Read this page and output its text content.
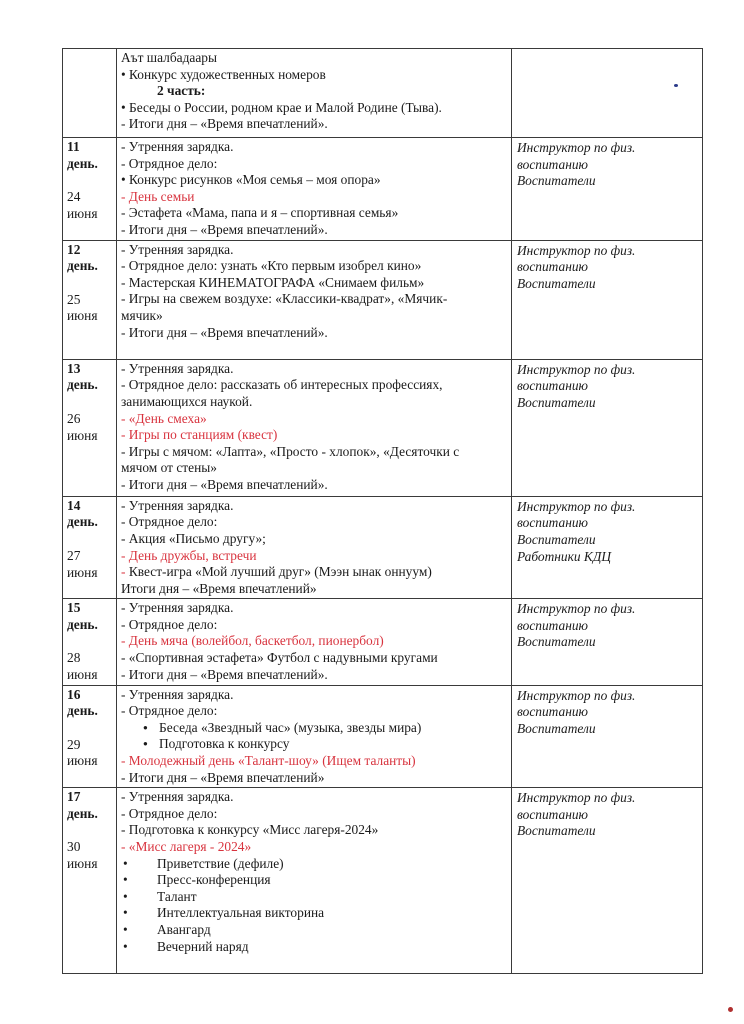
	Аът шалбадаары
• Конкурс художественных номеров
2 часть:
• Беседы о России, родном крае и Малой Родине (Тыва).
- Итоги дня – «Время впечатлений».	

11
день.
24
июня

- Утренняя зарядка.
- Отрядное дело:
• Конкурс рисунков «Моя семья – моя опора»
- День семьи
- Эстафета «Мама, папа и я – спортивная семья»
- Итоги дня – «Время впечатлений».

Инструктор по физ.
воспитанию
Воспитатели

12
день.
25
июня

- Утренняя зарядка.
- Отрядное дело: узнать «Кто первым изобрел кино»
- Мастерская КИНЕМАТОГРАФА «Снимаем фильм»
- Игры на свежем воздухе: «Классики-квадрат», «Мячик-
мячик»
- Итоги дня – «Время впечатлений».

Инструктор по физ.
воспитанию
Воспитатели

13
день.
26
июня

- Утренняя зарядка.
- Отрядное дело: рассказать об интересных профессиях,
занимающихся наукой.
- «День смеха»
- Игры по станциям (квест)
- Игры с мячом: «Лапта», «Просто - хлопок», «Десяточки с
мячом от стены»
- Итоги дня – «Время впечатлений».

Инструктор по физ.
воспитанию
Воспитатели

14
день.
27
июня

- Утренняя зарядка.
- Отрядное дело:
- Акция «Письмо другу»;
- День дружбы, встречи
- Квест-игра «Мой лучший друг» (Мээн ынак оннуум)
Итоги дня – «Время впечатлений»

Инструктор по физ.
воспитанию
Воспитатели
Работники КДЦ

15
день.
28
июня	- Утренняя зарядка.
- Отрядное дело:
- День мяча (волейбол, баскетбол, пионербол)
- «Спортивная эстафета» Футбол с надувными кругами
- Итоги дня – «Время впечатлений».	Инструктор по физ.
воспитанию
Воспитатели

16
день.
29
июня

- Утренняя зарядка.
- Отрядное дело:
● Беседа «Звездный час» (музыка, звезды мира)
● Подготовка к конкурсу
- Молодежный день «Талант-шоу» (Ищем таланты)
- Итоги дня – «Время впечатлений»

Инструктор по физ.
воспитанию
Воспитатели

17
день.
30
июня

- Утренняя зарядка.
- Отрядное дело:
- Подготовка к конкурсу «Мисс лагеря-2024»
- «Мисс лагеря - 2024»
• Приветствие (дефиле)
• Пресс-конференция
• Талант
• Интеллектуальная викторина
• Авангард
• Вечерний наряд

Инструктор по физ.
воспитанию
Воспитатели
